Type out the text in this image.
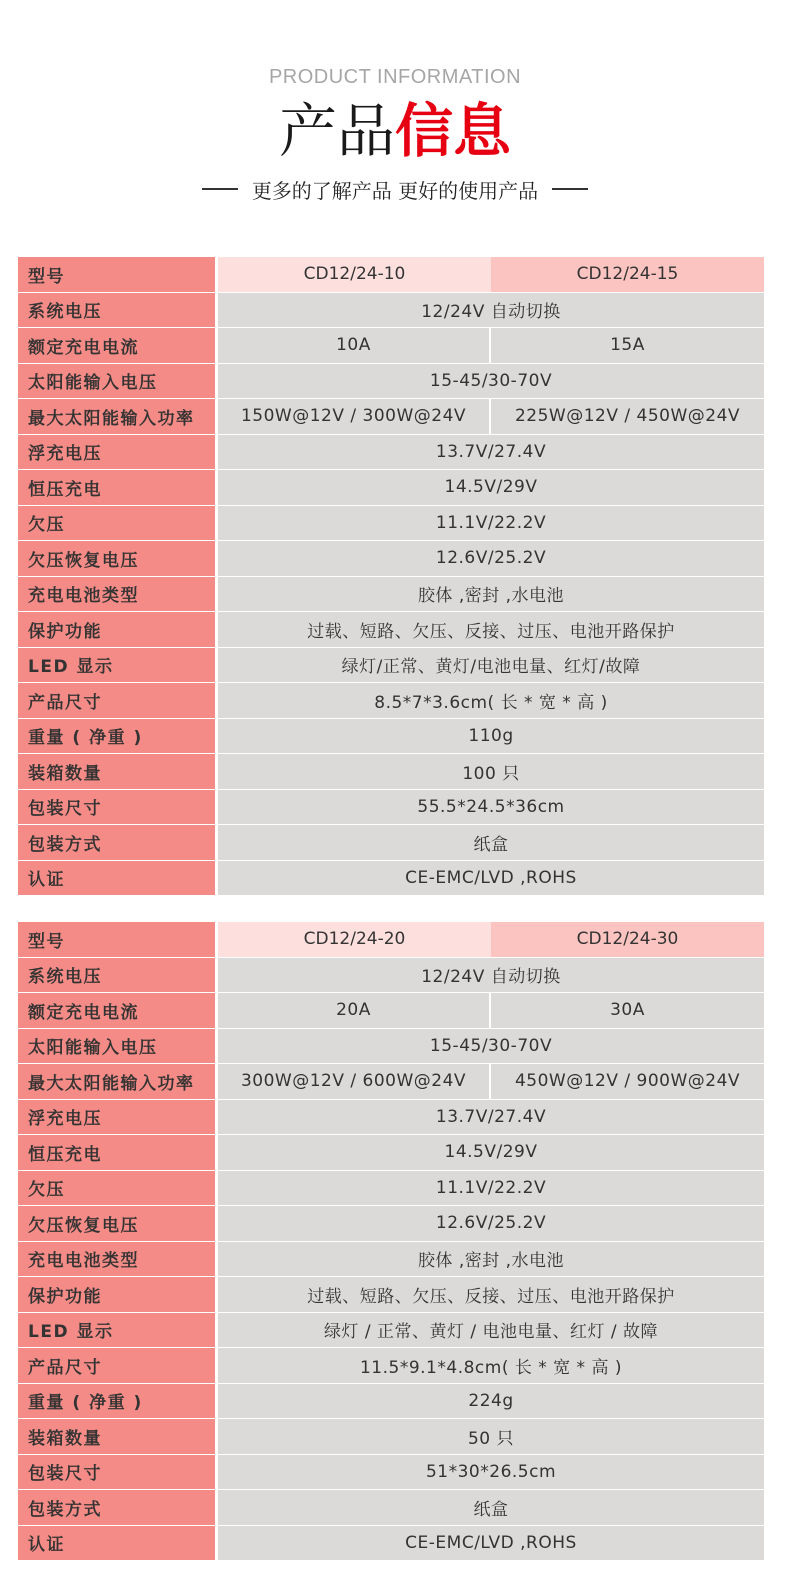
PRODUCT INFORMATION
产品信息
更多的了解产品 更好的使用产品
型号	CD12/24-10	CD12/24-15
系统电压	12/24V 自动切换	
额定充电电流	10A	15A
太阳能输入电压	15-45/30-70V	
最大太阳能输入功率	150W@12V / 300W@24V	225W@12V / 450W@24V
浮充电压	13.7V/27.4V	
恒压充电	14.5V/29V	
欠压	11.1V/22.2V	
欠压恢复电压	12.6V/25.2V	
充电电池类型	胶体 ,密封 ,水电池	
保护功能	过载、短路、欠压、反接、过压、电池开路保护	
LED 显示	绿灯/正常、黄灯/电池电量、红灯/故障	
产品尺寸	8.5*7*3.6cm( 长 * 宽 * 高 )	
重量 ( 净重 )	110g	
装箱数量	100 只	
包装尺寸	55.5*24.5*36cm	
包装方式	纸盒	
认证	CE-EMC/LVD ,ROHS	
型号	CD12/24-20	CD12/24-30
系统电压	12/24V 自动切换	
额定充电电流	20A	30A
太阳能输入电压	15-45/30-70V	
最大太阳能输入功率	300W@12V / 600W@24V	450W@12V / 900W@24V
浮充电压	13.7V/27.4V	
恒压充电	14.5V/29V	
欠压	11.1V/22.2V	
欠压恢复电压	12.6V/25.2V	
充电电池类型	胶体 ,密封 ,水电池	
保护功能	过载、短路、欠压、反接、过压、电池开路保护	
LED 显示	绿灯 / 正常、黄灯 / 电池电量、红灯 / 故障	
产品尺寸	11.5*9.1*4.8cm( 长 * 宽 * 高 )	
重量 ( 净重 )	224g	
装箱数量	50 只	
包装尺寸	51*30*26.5cm	
包装方式	纸盒	
认证	CE-EMC/LVD ,ROHS	
